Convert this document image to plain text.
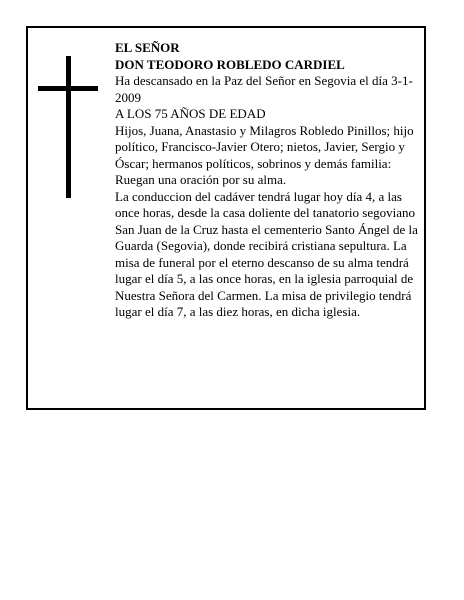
EL SEÑOR

DON TEODORO ROBLEDO CARDIEL

Ha descansado en la Paz del Señor en Segovia el día 3-1-2009

A LOS 75 AÑOS DE EDAD

Hijos, Juana, Anastasio y Milagros Robledo Pinillos; hijo político, Francisco-Javier Otero; nietos, Javier, Sergio y Óscar; hermanos políticos, sobrinos y demás familia:

Ruegan una oración por su alma.

La conduccion del cadáver tendrá lugar hoy día 4, a las once horas, desde la casa doliente del tanatorio segoviano San Juan de la Cruz hasta el cementerio Santo Ángel de la Guarda (Segovia), donde recibirá cristiana sepultura. La misa de funeral por el eterno descanso de su alma tendrá lugar el día 5, a las once horas, en la iglesia parroquial de Nuestra Señora del Carmen. La misa de privilegio tendrá lugar el día 7, a las diez horas, en dicha iglesia.
